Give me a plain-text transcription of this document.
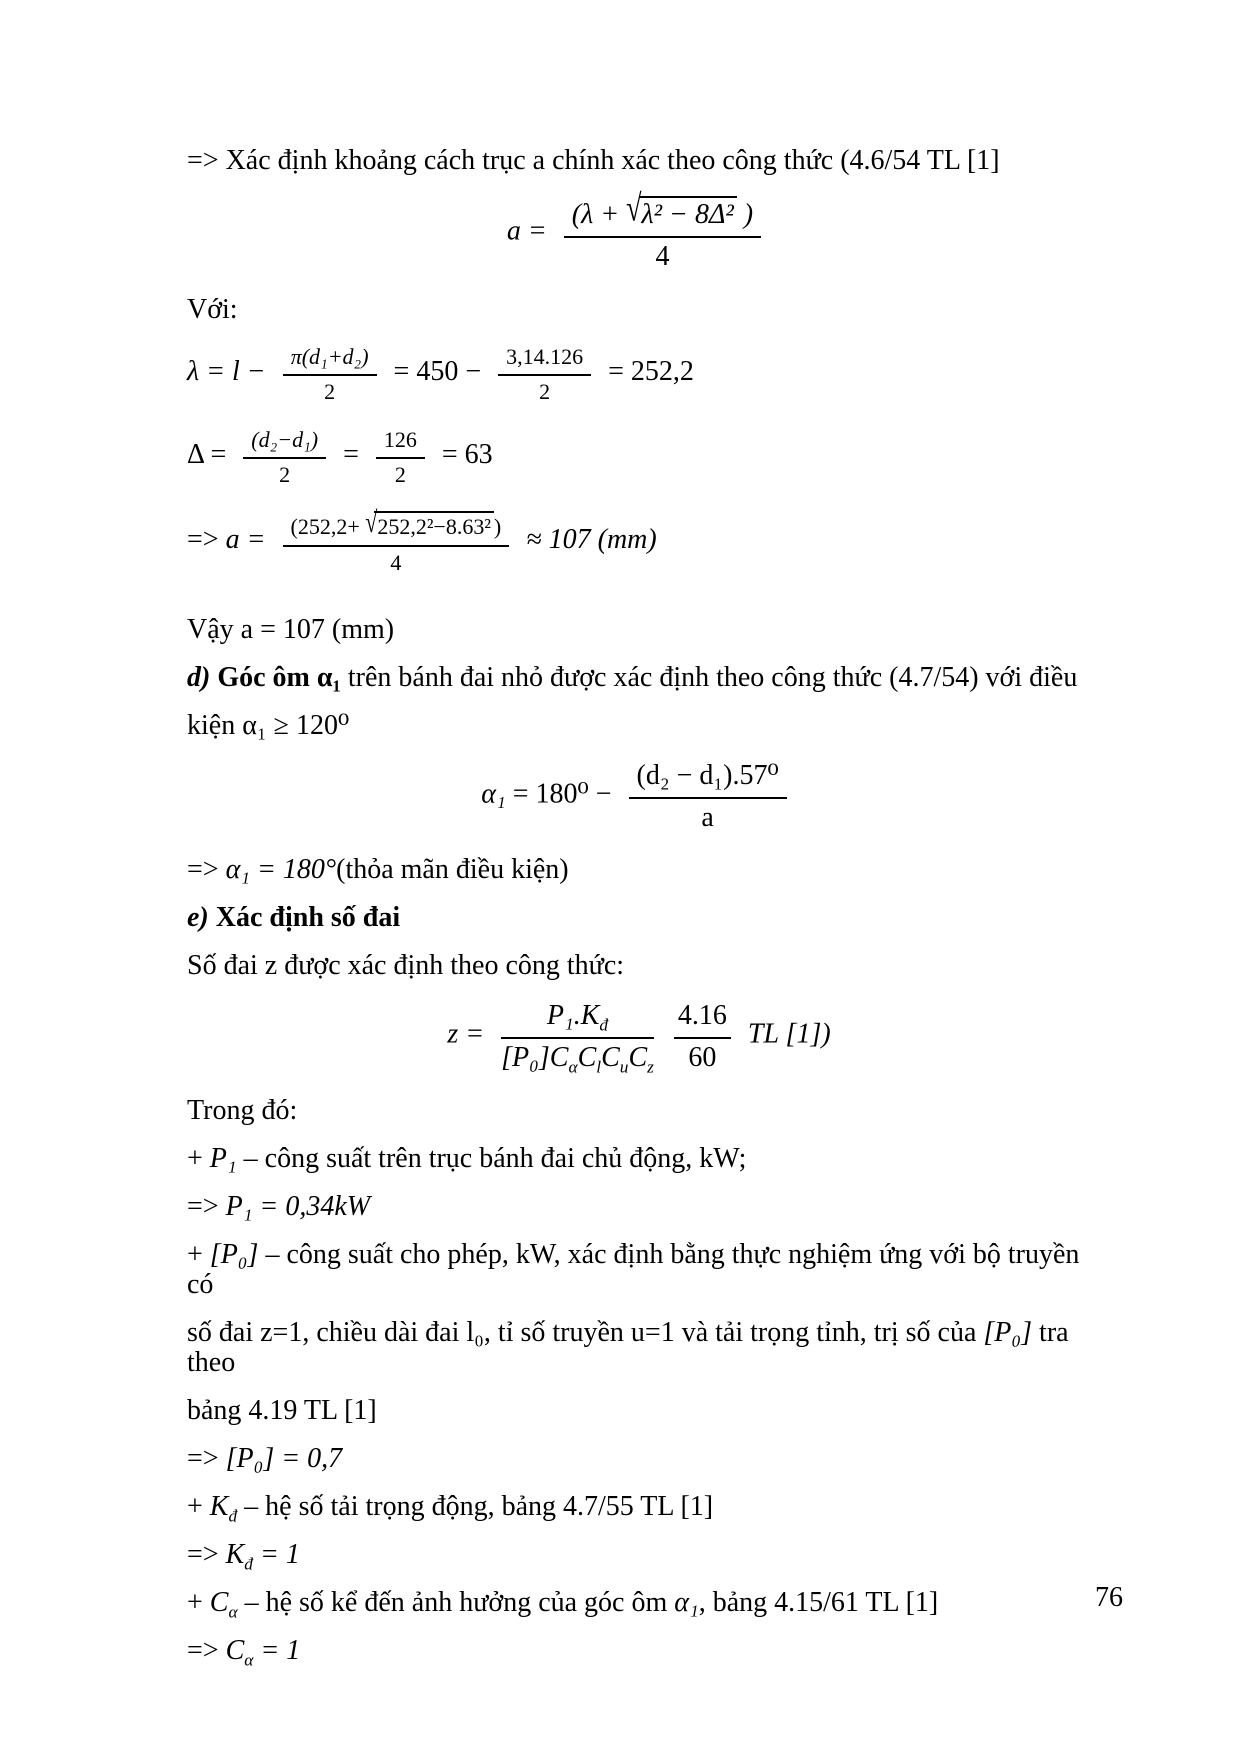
=> Xác định khoảng cách trục a chính xác theo công thức (4.6/54 TL [1]

$a = \frac{\text{(λ + √λ² − 8Δ² )}}{4}$

Với:

$\lambda = l - \frac{\text{π(d₁+d₂)}}{2} = 450 - \frac{3,14.126}{2} = 252,2$
$\Delta = \frac{\text{(d₂−d₁)}}{2} = \frac{126}{2} = 63$
=> $a = \frac{\text{(252,2+ √252,2²−8.63² )}}{4} \approx 107$ (mm)

Vậy a = 107 (mm)

d) Góc ôm α₁ trên bánh đai nhỏ được xác định theo công thức (4.7/54) với điều

kiện α₁ ≥ 120⁰

$\alpha_1 = 180^0 - \frac{\text{(d₂ − d₁).57⁰}}{a}$

=> α₁ = 180°(thỏa mãn điều kiện)

e) Xác định số đai

Số đai z được xác định theo công thức:

$z = \frac{P_1.K_đ}{[P_0]C_\alpha C_lC_uC_z} \frac{4.16}{60}$ TL [1])

Trong đó:

+ P₁ – công suất trên trục bánh đai chủ động, kW;

=> P₁ = 0,34kW

+ [P₀] – công suất cho phép, kW, xác định bằng thực nghiệm ứng với bộ truyền có

số đai z=1, chiều dài đai l₀, tỉ số truyền u=1 và tải trọng tỉnh, trị số của [P₀] tra theo

bảng 4.19 TL [1]

=> [P₀] = 0,7

+ $K_đ$ – hệ số tải trọng động, bảng 4.7/55 TL [1]

=> $K_đ = 1$

+ $C_\alpha$ – hệ số kể đến ảnh hưởng của góc ôm α₁, bảng 4.15/61 TL [1]

=> $C_\alpha = 1$

76
